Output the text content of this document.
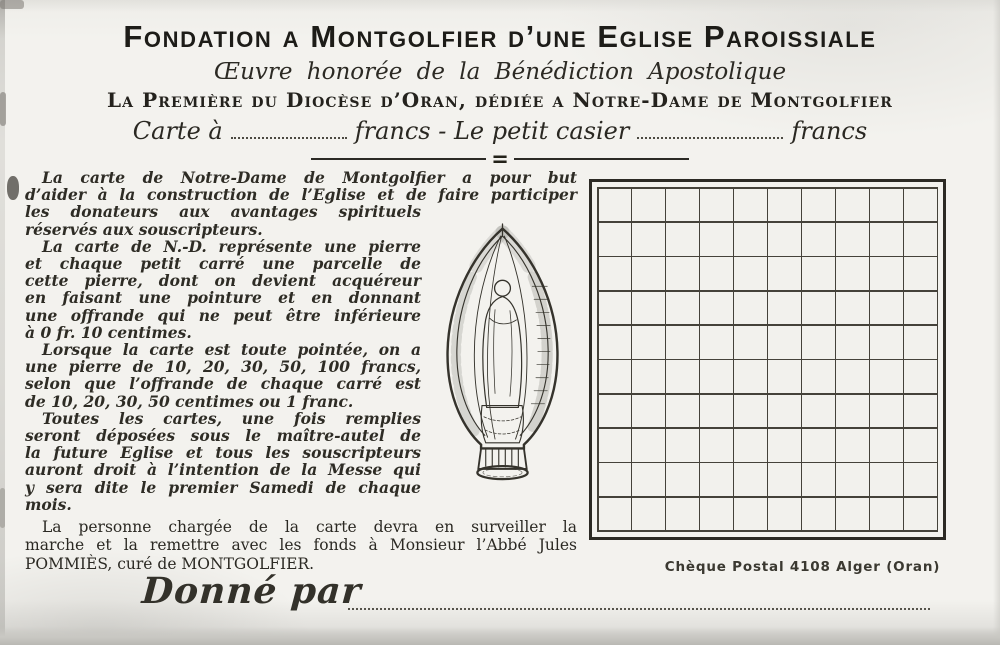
Fondation a Montgolfier d’une Eglise Paroissiale
Œuvre honorée de la Bénédiction Apostolique
La Première du Diocèse d’Oran, dédiée a Notre-Dame de Montgolfier
Carte à	francs - Le petit casier	francs
=
La carte de Notre-Dame de Montgolfier a pour but
d’aider à la construction de l’Eglise et de faire participer
les donateurs aux avantages spirituels
réservés aux souscripteurs.
La carte de N.-D. représente une pierre
et chaque petit carré une parcelle de
cette pierre, dont on devient acquéreur
en faisant une pointure et en donnant
une offrande qui ne peut être inférieure
à 0 fr. 10 centimes.
Lorsque la carte est toute pointée, on a
une pierre de 10, 20, 30, 50, 100 francs,
selon que l’offrande de chaque carré est
de 10, 20, 30, 50 centimes ou 1 franc.
Toutes les cartes, une fois remplies
seront déposées sous le maître-autel de
la future Eglise et tous les souscripteurs
auront droit à l’intention de la Messe qui
y sera dite le premier Samedi de chaque
mois.
La personne chargée de la carte devra en surveiller la
marche et la remettre avec les fonds à Monsieur l’Abbé Jules
POMMIÈS, curé de MONTGOLFIER.	Chèque Postal 4108 Alger (Oran)
Donné par
